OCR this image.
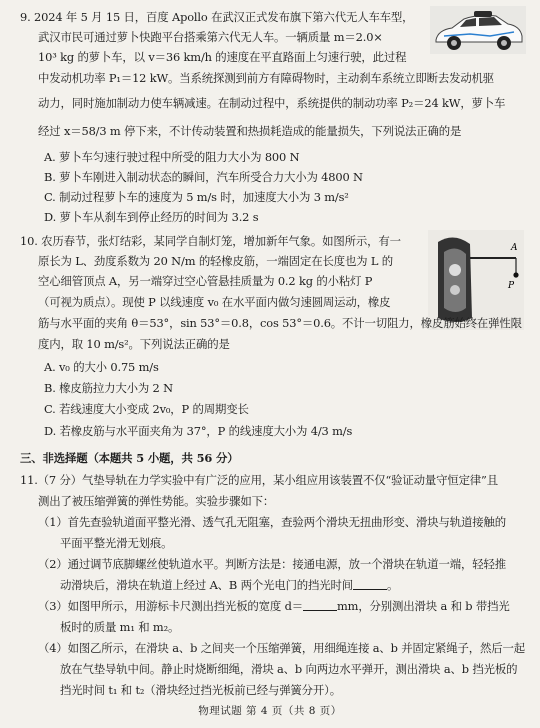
9. 2024 年 5 月 15 日，百度 Apollo 在武汉正式发布旗下第六代无人车车型，
武汉市民可通过萝卜快跑平台搭乘第六代无人车。一辆质量 m＝2.0×
10³ kg 的萝卜车，以 v＝36 km/h 的速度在平直路面上匀速行驶，此过程
中发动机功率 P₁＝12 kW。当系统探测到前方有障碍物时，主动刹车系统立即断去发动机驱
动力，同时施加制动力使车辆减速。在制动过程中，系统提供的制动功率 P₂＝24 kW，萝卜车
经过 x＝58/3 m 停下来，不计传动装置和热损耗造成的能量损失，下列说法正确的是
A. 萝卜车匀速行驶过程中所受的阻力大小为 800 N
B. 萝卜车刚进入制动状态的瞬间，汽车所受合力大小为 4800 N
C. 制动过程萝卜车的速度为 5 m/s 时，加速度大小为 3 m/s²
D. 萝卜车从刹车到停止经历的时间为 3.2 s
10. 农历春节，张灯结彩，某同学自制灯笼，增加新年气象。如图所示，有一	A
P
原长为 L、劲度系数为 20 N/m 的轻橡皮筋，一端固定在长度也为 L 的
空心细管顶点 A，另一端穿过空心管悬挂质量为 0.2 kg 的小粘灯 P
（可视为质点）。现使 P 以线速度 v₀ 在水平面内做匀速圆周运动，橡皮
筋与水平面的夹角 θ＝53°，sin 53°＝0.8，cos 53°＝0.6。不计一切阻力，橡皮筋始终在弹性限
度内，取 10 m/s²。下列说法正确的是
A. v₀ 的大小 0.75 m/s
B. 橡皮筋拉力大小为 2 N
C. 若线速度大小变成 2v₀，P 的周期变长
D. 若橡皮筋与水平面夹角为 37°，P 的线速度大小为 4/3 m/s
三、非选择题（本题共 5 小题，共 56 分）
11.（7 分）气垫导轨在力学实验中有广泛的应用，某小组应用该装置不仅“验证动量守恒定律”且
测出了被压缩弹簧的弹性势能。实验步骤如下：
（1）首先查验轨道面平整光滑、透气孔无阻塞，查验两个滑块无扭曲形变、滑块与轨道接触的
平面平整光滑无划痕。
（2）通过调节底脚螺丝使轨道水平。判断方法是：接通电源，放一个滑块在轨道一端，轻轻推
动滑块后，滑块在轨道上经过 A、B 两个光电门的挡光时间	。
（3）如图甲所示，用游标卡尺测出挡光板的宽度 d＝	mm，分别测出滑块 a 和 b 带挡光
板时的质量 m₁ 和 m₂。
（4）如图乙所示，在滑块 a、b 之间夹一个压缩弹簧，用细绳连接 a、b 并固定紧绳子，然后一起
放在气垫导轨中间。静止时烧断细绳，滑块 a、b 向两边水平弹开，测出滑块 a、b 挡光板的
挡光时间 t₁ 和 t₂（滑块经过挡光板前已经与弹簧分开）。
物理试题 第 4 页（共 8 页）
